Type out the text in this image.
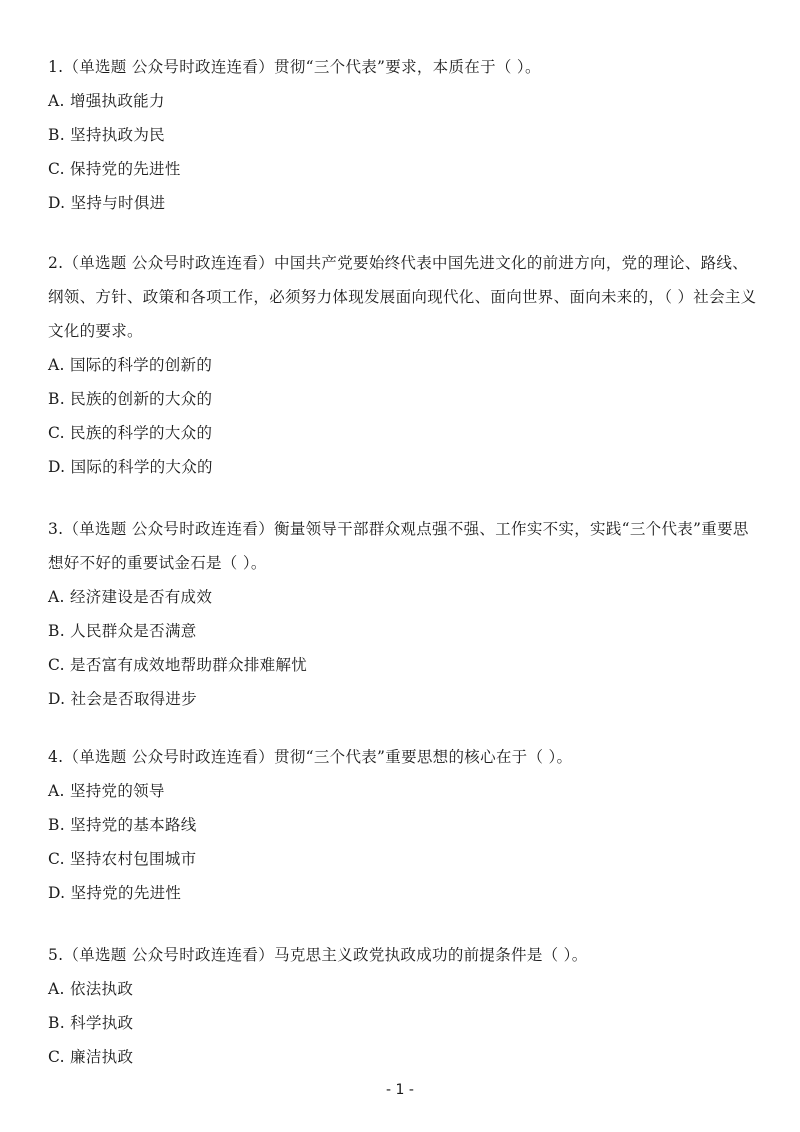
1.（单选题 公众号时政连连看）贯彻“三个代表”要求，本质在于（ ）。

A. 增强执政能力

B. 坚持执政为民

C. 保持党的先进性

D. 坚持与时俱进

2.（单选题 公众号时政连连看）中国共产党要始终代表中国先进文化的前进方向，党的理论、路线、纲领、方针、政策和各项工作，必须努力体现发展面向现代化、面向世界、面向未来的，（ ）社会主义文化的要求。

A. 国际的科学的创新的

B. 民族的创新的大众的

C. 民族的科学的大众的

D. 国际的科学的大众的

3.（单选题 公众号时政连连看）衡量领导干部群众观点强不强、工作实不实，实践“三个代表”重要思想好不好的重要试金石是（ ）。

A. 经济建设是否有成效

B. 人民群众是否满意

C. 是否富有成效地帮助群众排难解忧

D. 社会是否取得进步

4.（单选题 公众号时政连连看）贯彻“三个代表”重要思想的核心在于（ ）。

A. 坚持党的领导

B. 坚持党的基本路线

C. 坚持农村包围城市

D. 坚持党的先进性

5.（单选题 公众号时政连连看）马克思主义政党执政成功的前提条件是（ ）。

A. 依法执政

B. 科学执政

C. 廉洁执政

- 1 -
